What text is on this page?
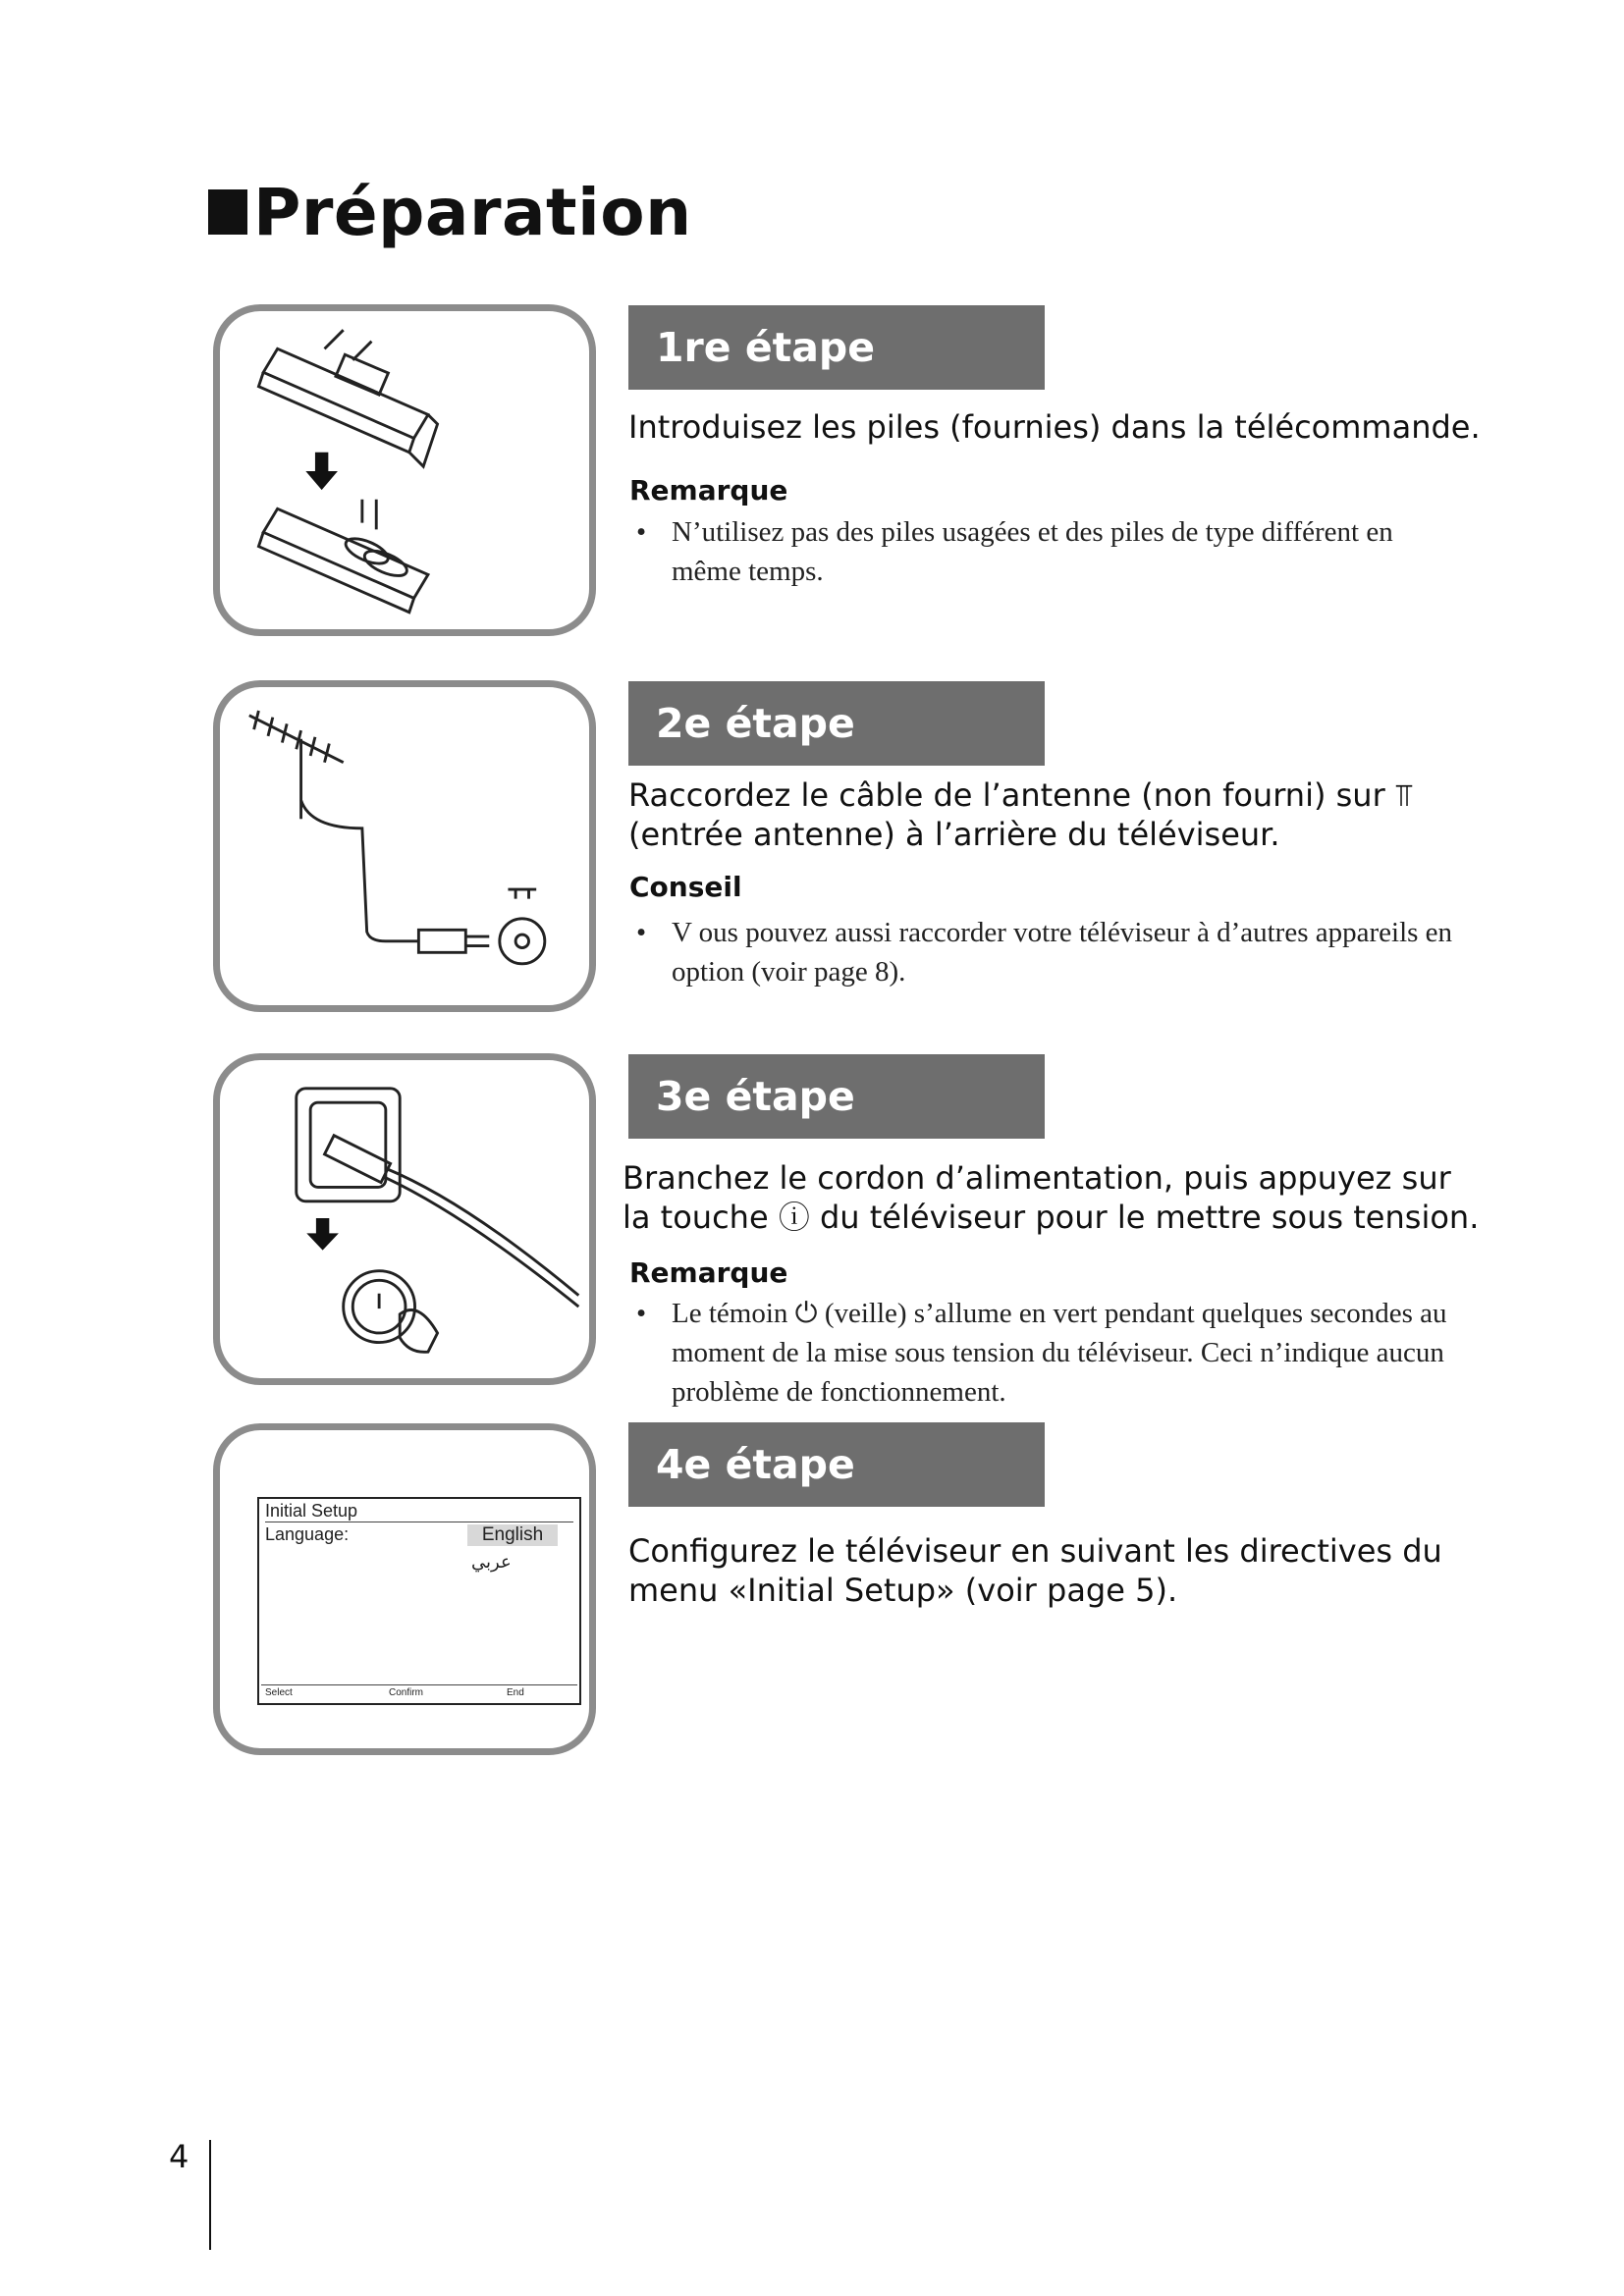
Préparation
1re étape
Introduisez les piles (fournies) dans la télécommande.
Remarque
• N’utilisez pas des piles usagées et des piles de type différent en même temps.
2e étape
Raccordez le câble de l’antenne (non fourni) sur ⫪ (entrée antenne) à l’arrière du téléviseur.
Conseil
• V ous pouvez aussi raccorder votre téléviseur à d’autres appareils en option (voir page 8).
3e étape
Branchez le cordon d’alimentation, puis appuyez sur la touche ⓘ du téléviseur pour le mettre sous tension.
Remarque
• Le témoin ⏻ (veille) s’allume en vert pendant quelques secondes au moment de la mise sous tension du téléviseur. Ceci n’indique aucun problème de fonctionnement.
Initial Setup
Language:	English
عربي
Select	Confirm	End
4e étape
Configurez le téléviseur en suivant les directives du menu «Initial Setup» (voir page 5).
4
